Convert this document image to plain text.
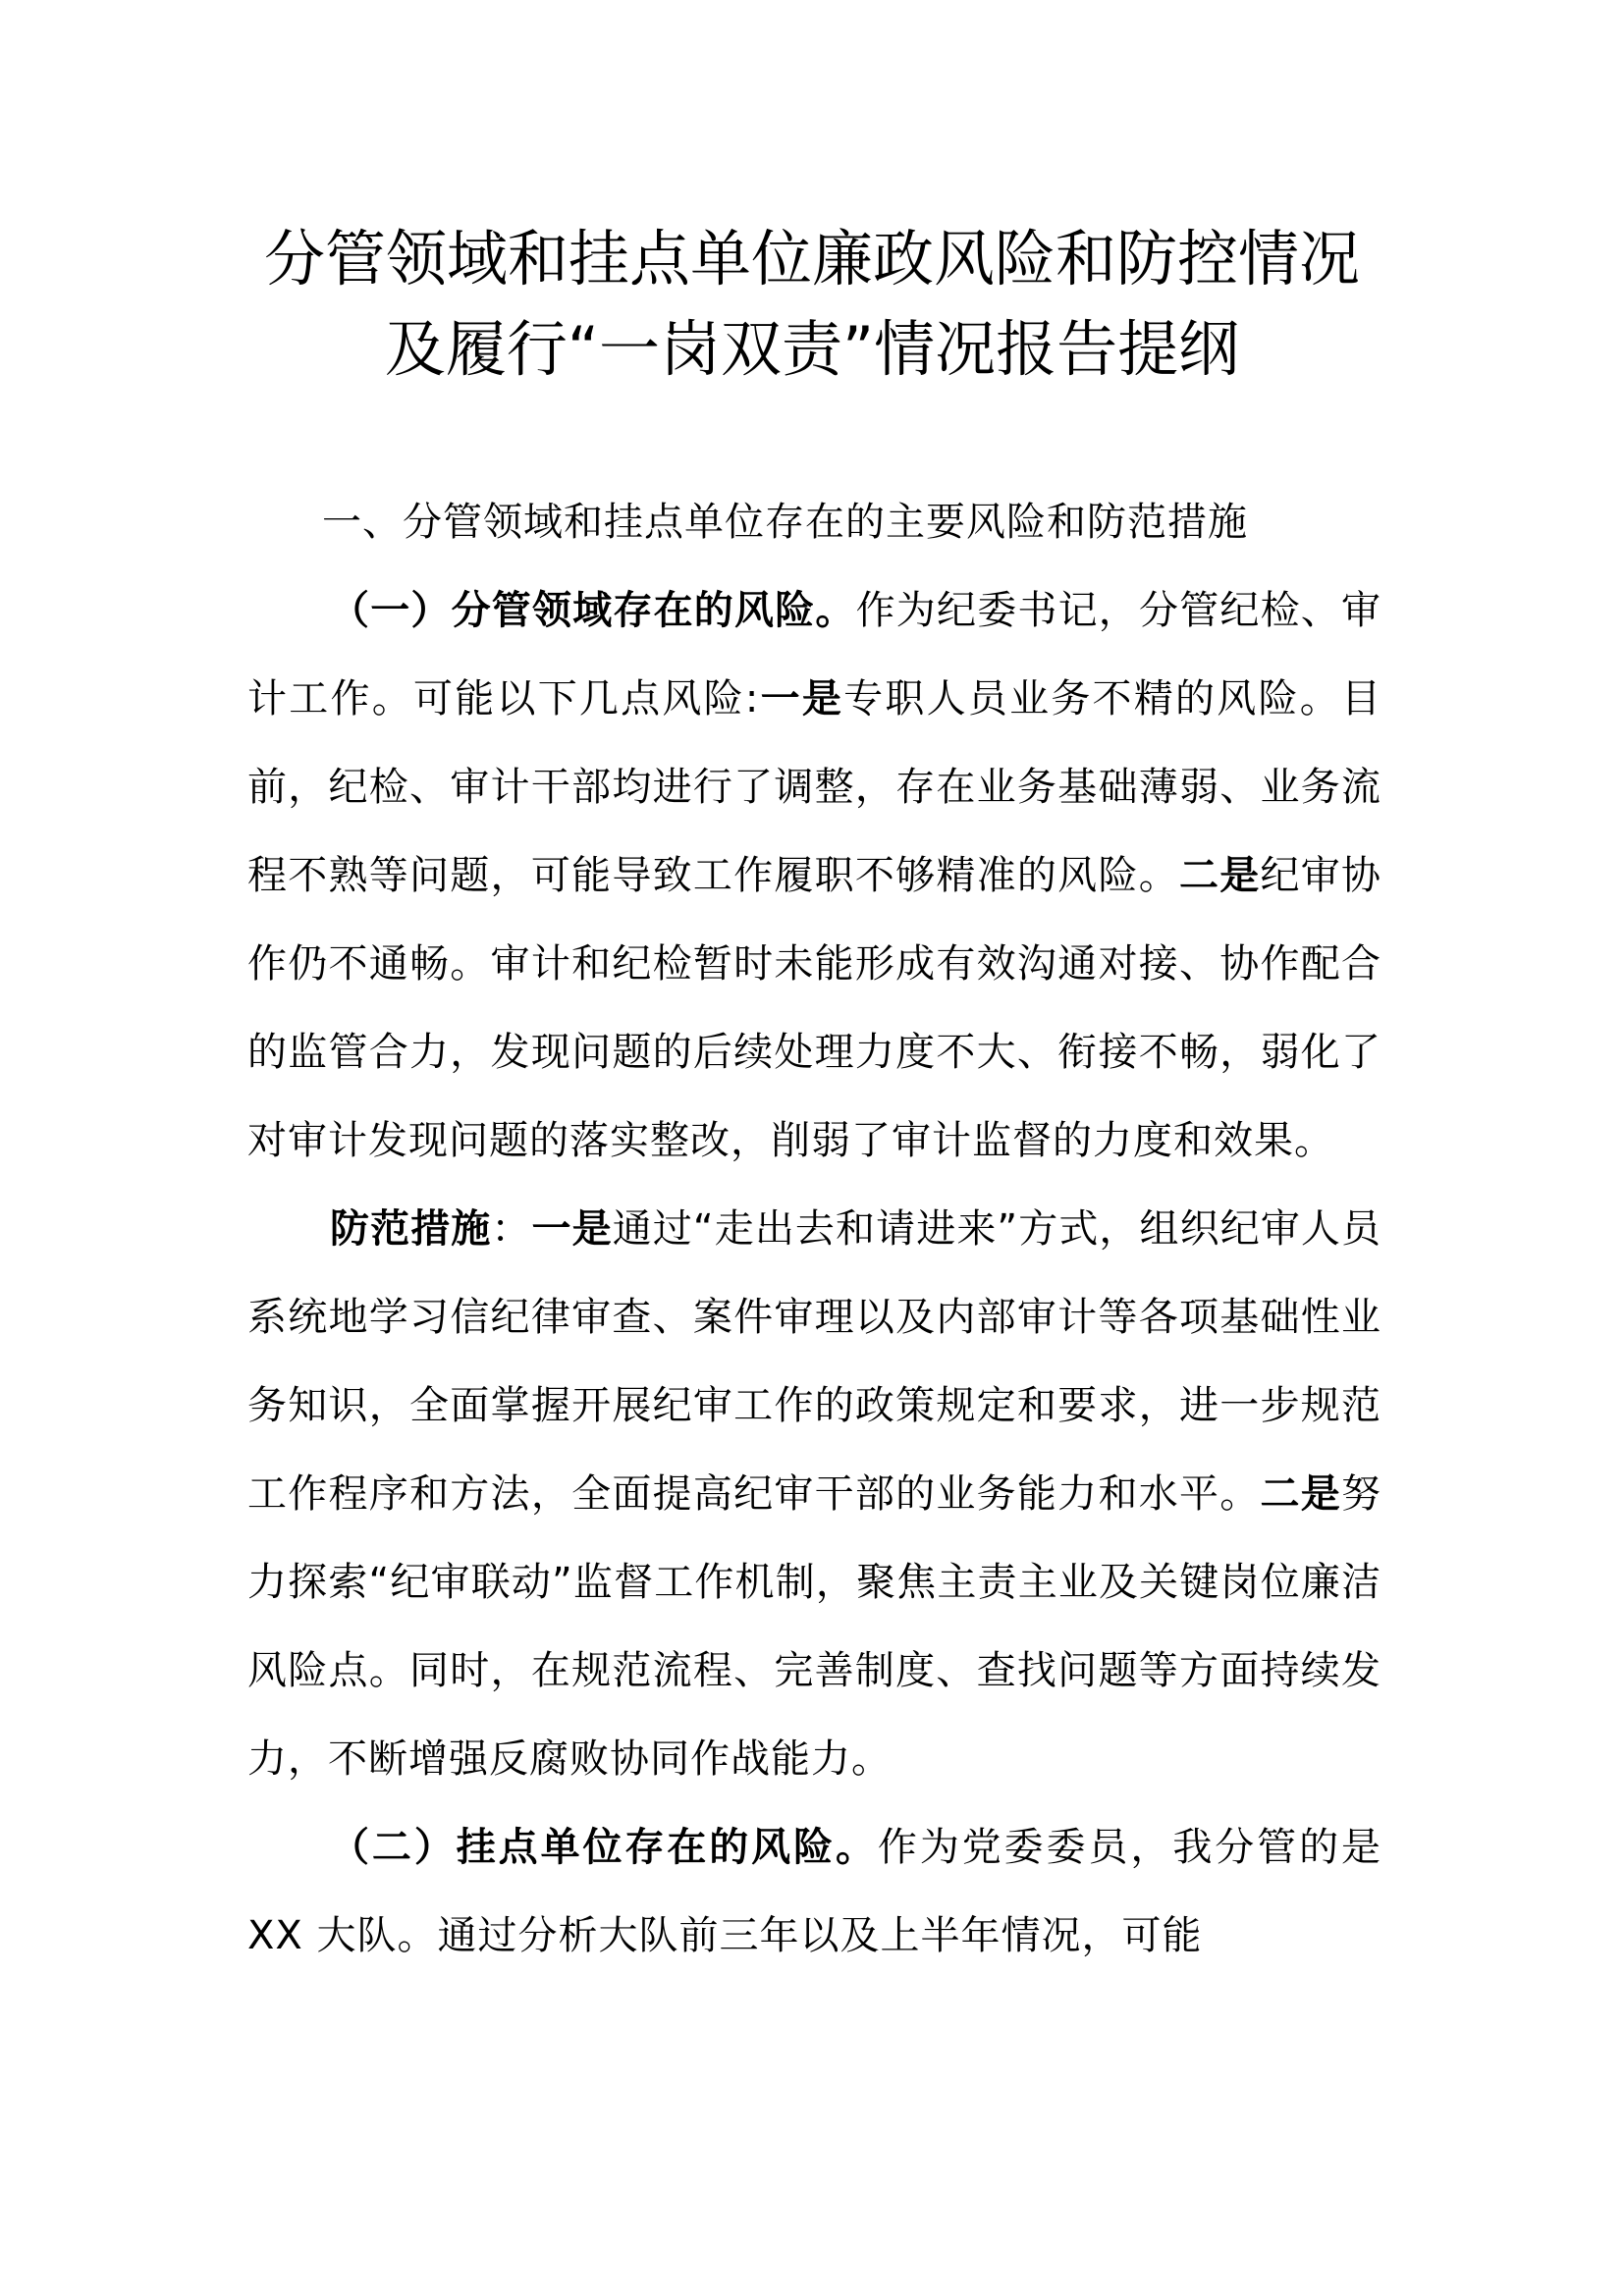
分管领域和挂点单位廉政风险和防控情况
及履行“一岗双责”情况报告提纲

一、分管领域和挂点单位存在的主要风险和防范措施

（一）分管领域存在的风险。作为纪委书记，分管纪检、审计工作。可能以下几点风险:一是专职人员业务不精的风险。目前，纪检、审计干部均进行了调整，存在业务基础薄弱、业务流程不熟等问题，可能导致工作履职不够精准的风险。二是纪审协作仍不通畅。审计和纪检暂时未能形成有效沟通对接、协作配合的监管合力，发现问题的后续处理力度不大、衔接不畅，弱化了对审计发现问题的落实整改，削弱了审计监督的力度和效果。

防范措施：一是通过“走出去和请进来”方式，组织纪审人员系统地学习信纪律审查、案件审理以及内部审计等各项基础性业务知识，全面掌握开展纪审工作的政策规定和要求，进一步规范工作程序和方法，全面提高纪审干部的业务能力和水平。二是努力探索“纪审联动”监督工作机制，聚焦主责主业及关键岗位廉洁风险点。同时，在规范流程、完善制度、查找问题等方面持续发力，不断增强反腐败协同作战能力。

（二）挂点单位存在的风险。作为党委委员，我分管的是 XX 大队。通过分析大队前三年以及上半年情况，可能
